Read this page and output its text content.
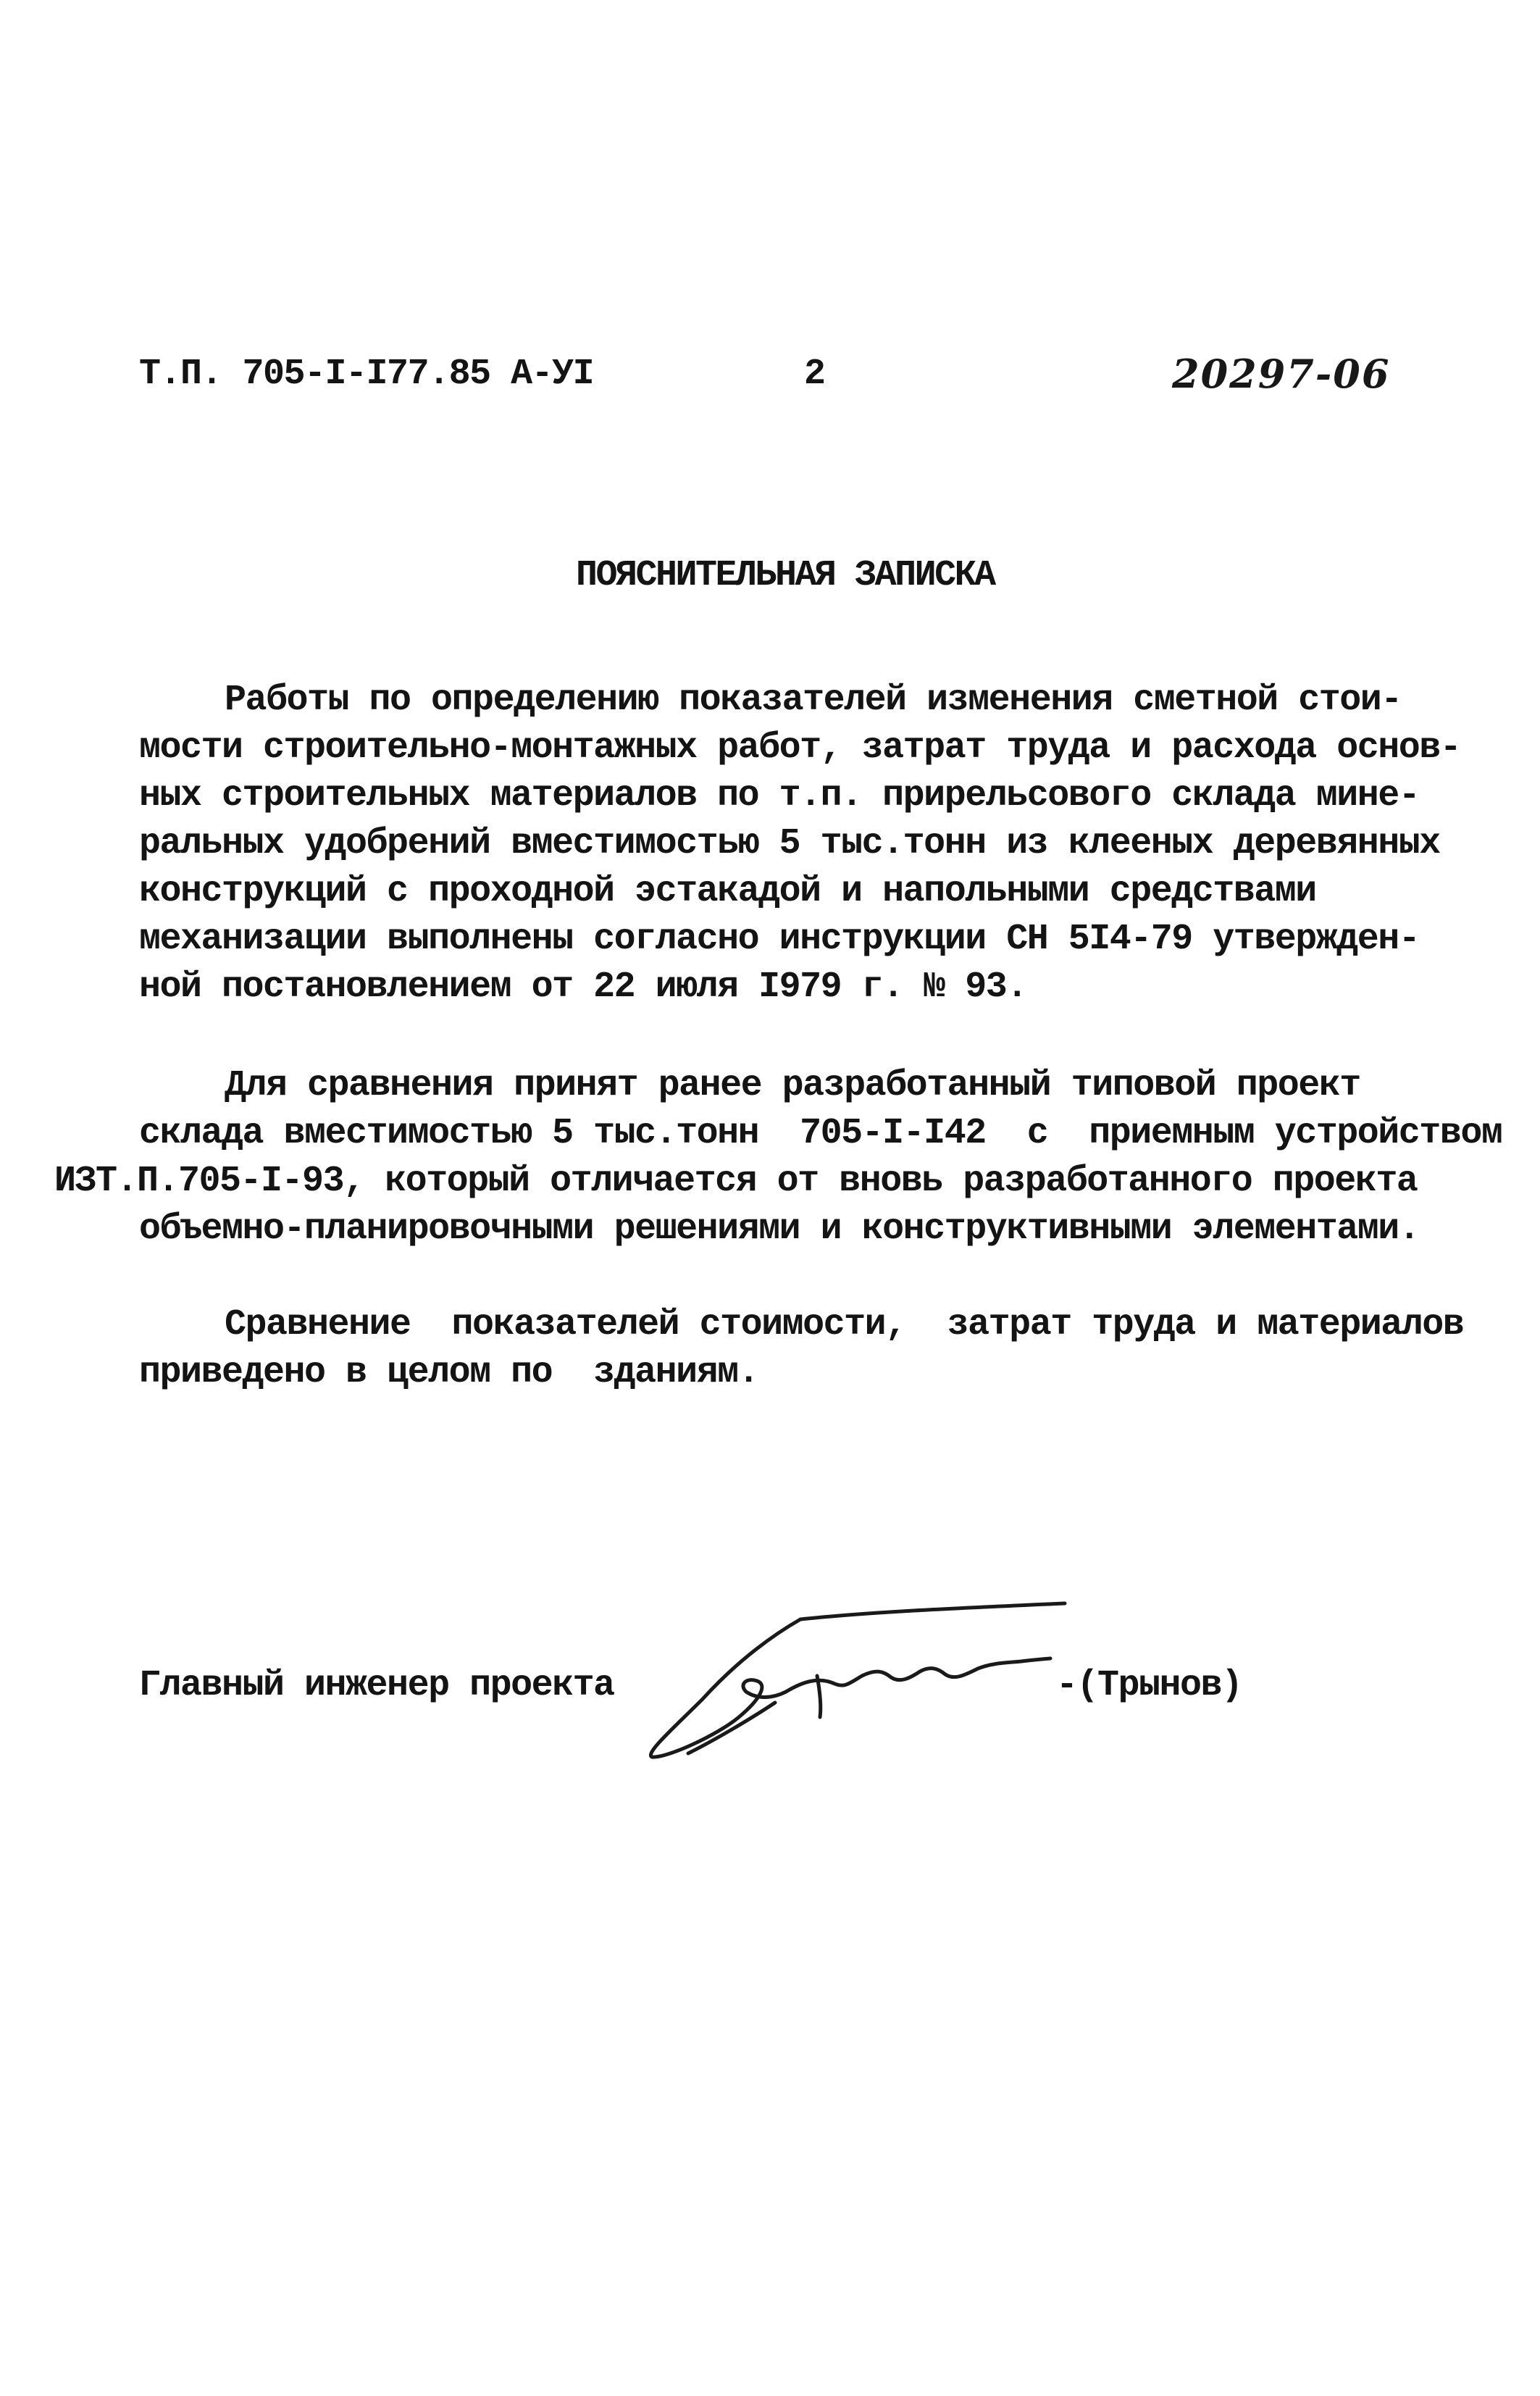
Т.П. 705-I-I77.85 А-УI	2	20297-06
ПОЯСНИТЕЛЬНАЯ ЗАПИСКА
Работы по определению показателей изменения сметной стои-
мости строительно-монтажных работ, затрат труда и расхода основ-
ных строительных материалов по т.п. прирельсового склада мине-
ральных удобрений вместимостью 5 тыс.тонн из клееных деревянных
конструкций с проходной эстакадой и напольными средствами
механизации выполнены согласно инструкции СН 5I4-79 утвержден-
ной постановлением от 22 июля I979 г. № 93.
Для сравнения принят ранее разработанный типовой проект
склада вместимостью 5 тыс.тонн  705-I-I42  с  приемным устройством
ИЗТ.П.705-I-93, который отличается от вновь разработанного проекта
объемно-планировочными решениями и конструктивными элементами.
Сравнение  показателей стоимости,  затрат труда и материалов
приведено в целом по  зданиям.
Главный инженер проекта	-(Трынов)
